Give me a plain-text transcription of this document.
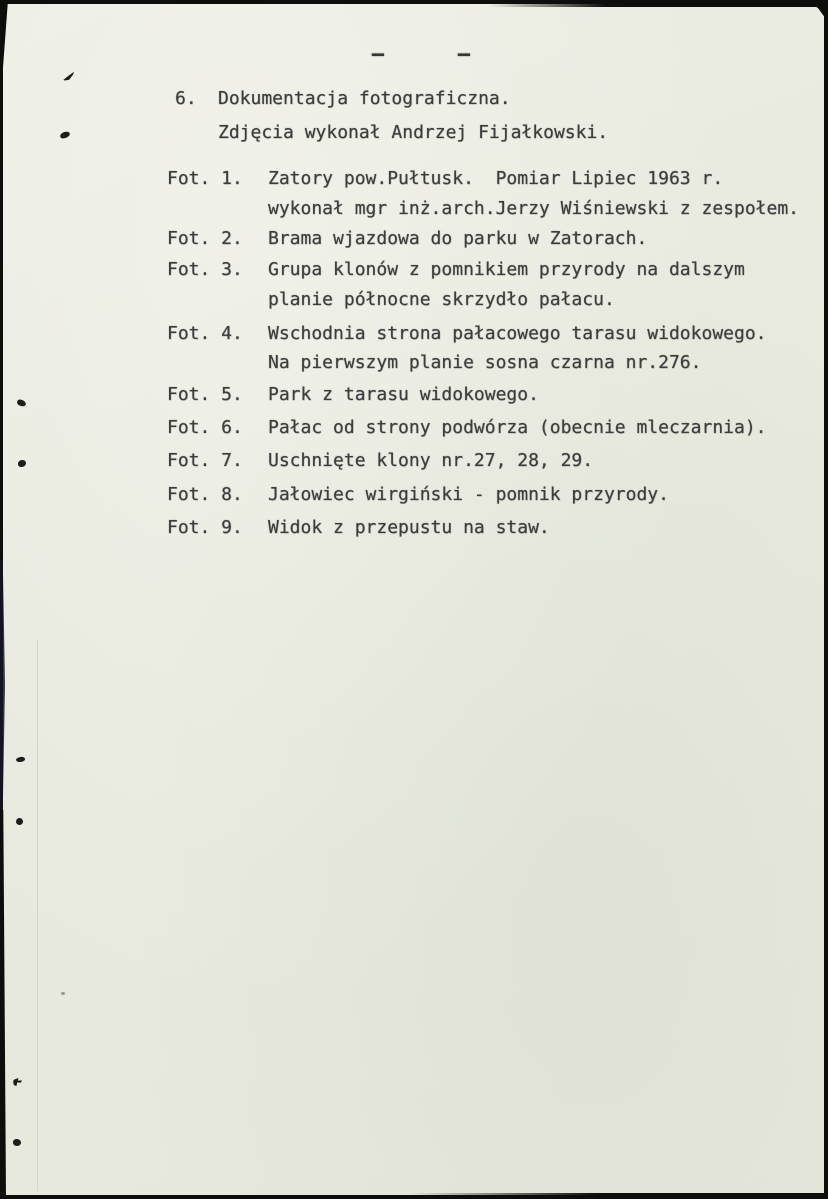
-	-
6. Dokumentacja fotograficzna.
Zdjęcia wykonał Andrzej Fijałkowski.
Fot. 1. Zatory pow.Pułtusk.  Pomiar Lipiec 1963 r.
wykonał mgr inż.arch.Jerzy Wiśniewski z zespołem.
Fot. 2. Brama wjazdowa do parku w Zatorach.
Fot. 3. Grupa klonów z pomnikiem przyrody na dalszym
planie północne skrzydło pałacu.
Fot. 4. Wschodnia strona pałacowego tarasu widokowego.
Na pierwszym planie sosna czarna nr.276.
Fot. 5. Park z tarasu widokowego.
Fot. 6. Pałac od strony podwórza (obecnie mleczarnia).
Fot. 7. Uschnięte klony nr.27, 28, 29.
Fot. 8. Jałowiec wirgiński - pomnik przyrody.
Fot. 9. Widok z przepustu na staw.
